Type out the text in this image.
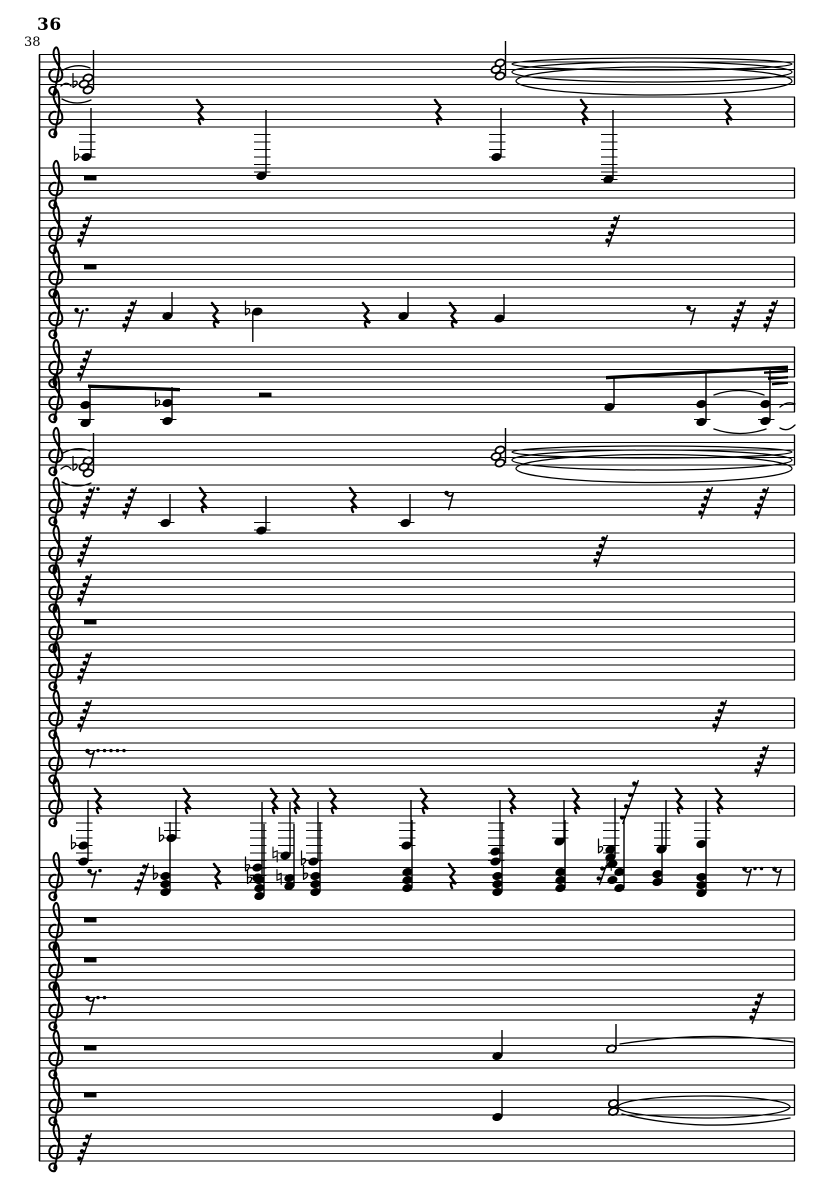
36
38
